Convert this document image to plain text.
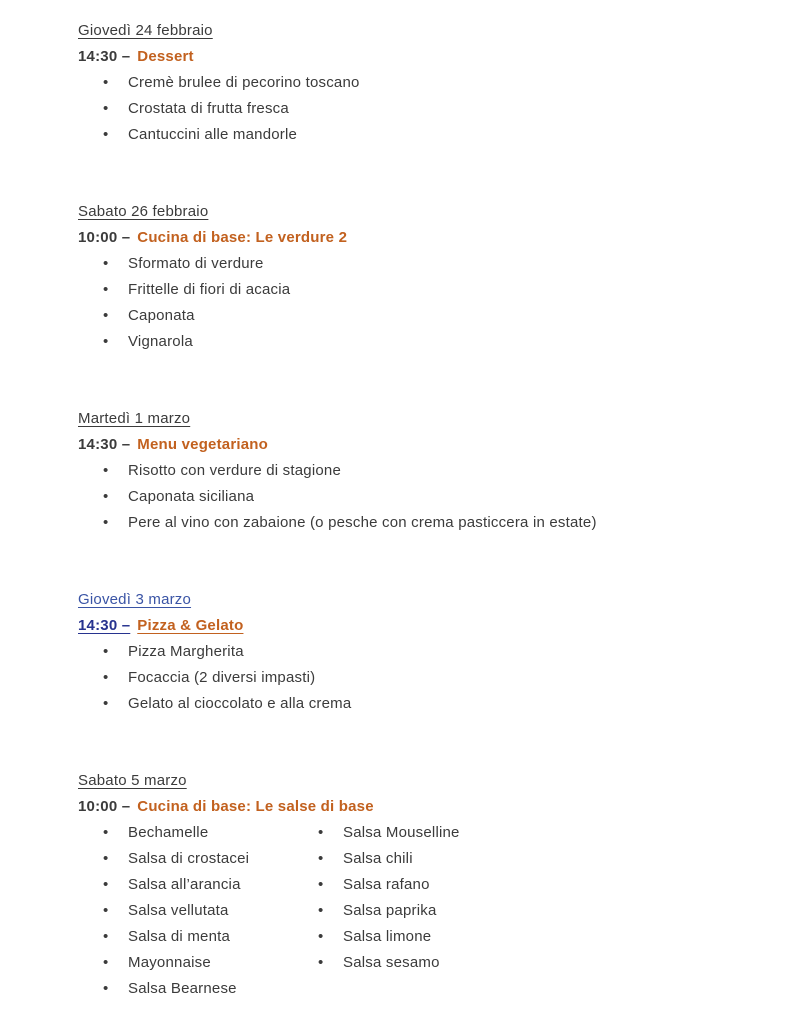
Giovedì 24 febbraio

14:30 – Dessert

• Cremè brulee di pecorino toscano
• Crostata di frutta fresca
• Cantuccini alle mandorle
Sabato 26 febbraio

10:00 – Cucina di base: Le verdure 2

• Sformato di verdure
• Frittelle di fiori di acacia
• Caponata
• Vignarola
Martedì 1 marzo

14:30 – Menu vegetariano

• Risotto con verdure di stagione
• Caponata siciliana
• Pere al vino con zabaione (o pesche con crema pasticcera in estate)
Giovedì 3 marzo

14:30 – Pizza & Gelato

• Pizza Margherita
• Focaccia (2 diversi impasti)
• Gelato al cioccolato e alla crema
Sabato 5 marzo

10:00 – Cucina di base: Le salse di base

• Bechamelle
• Salsa di crostacei
• Salsa all’arancia
• Salsa vellutata
• Salsa di menta
• Mayonnaise
• Salsa Bearnese
• Salsa Mouselline
• Salsa chili
• Salsa rafano
• Salsa paprika
• Salsa limone
• Salsa sesamo
